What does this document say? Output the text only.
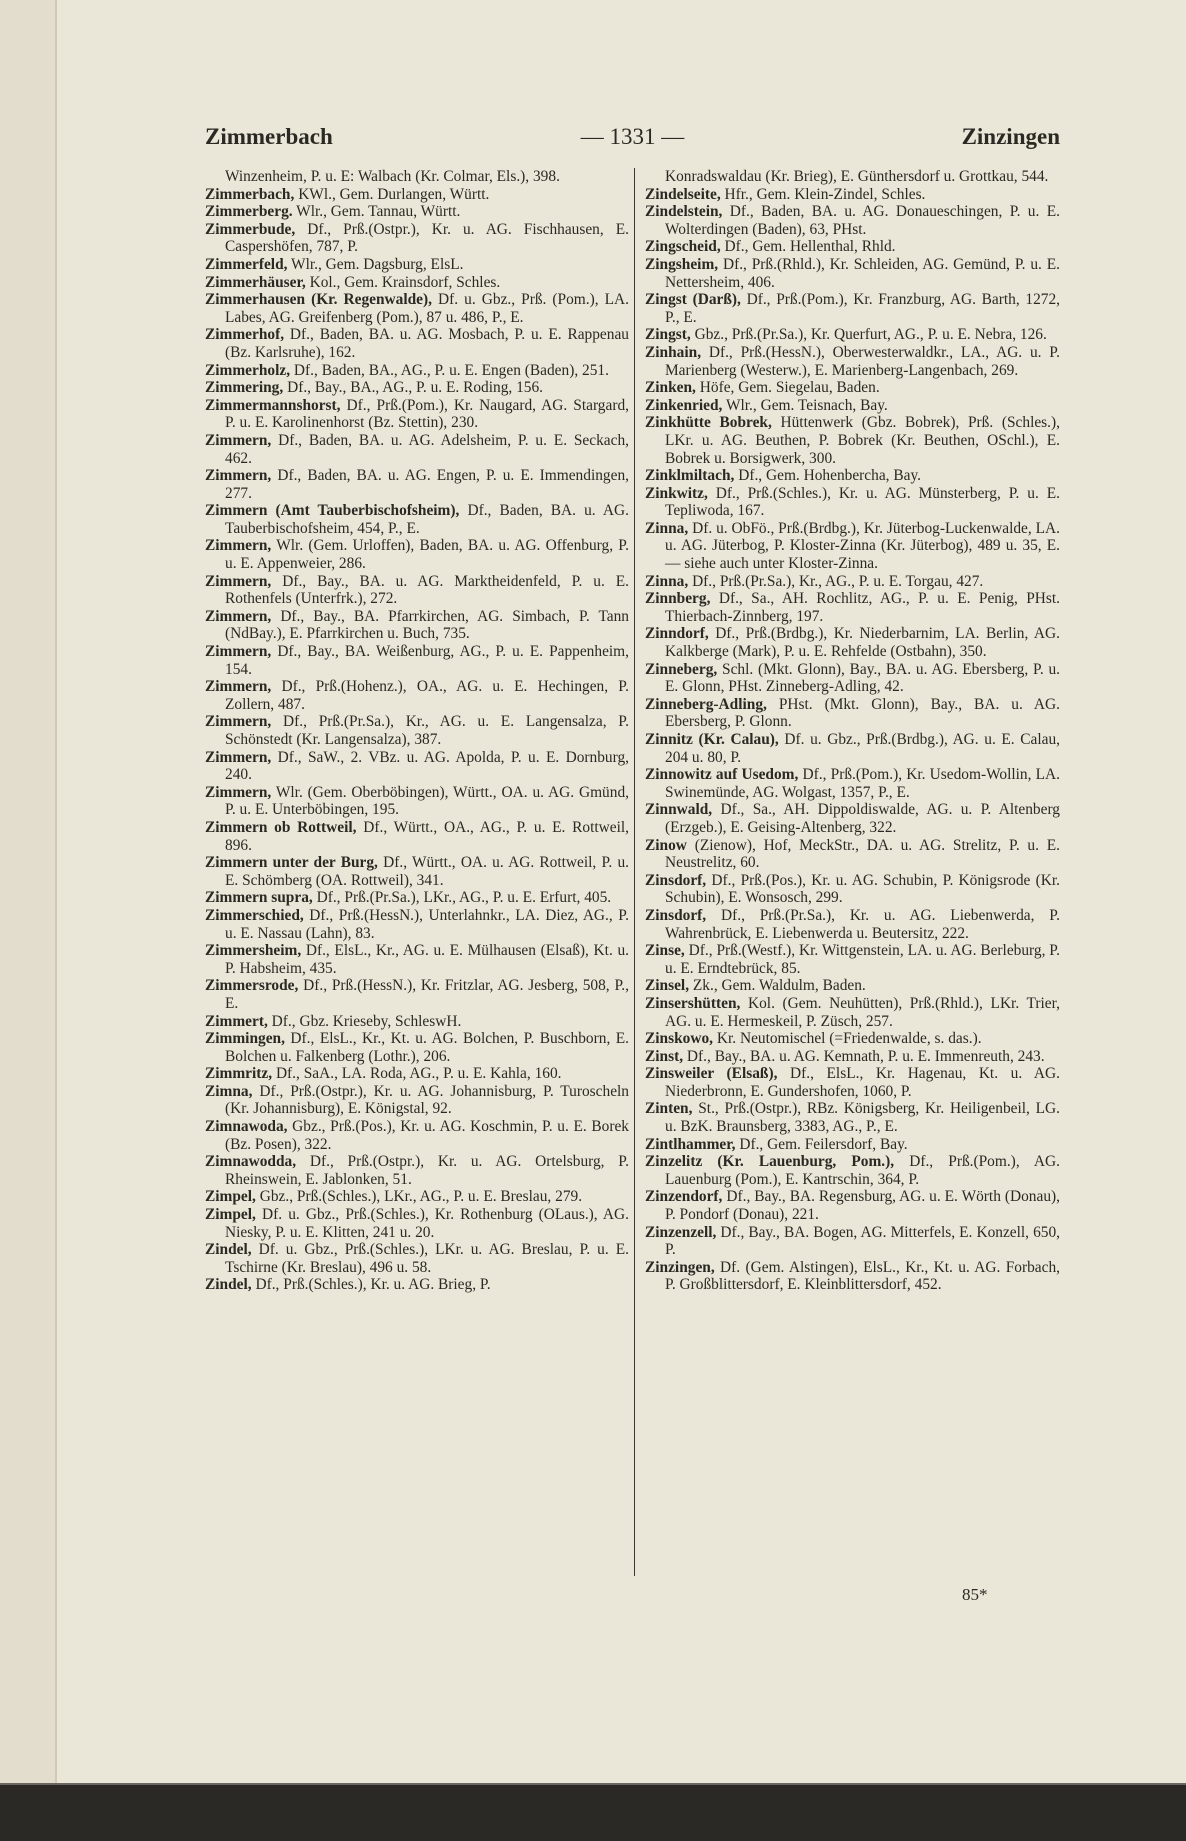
Zimmerbach	— 1331 —	Zinzingen

Winzenheim, P. u. E: Walbach (Kr. Colmar, Els.), 398.

Zimmerbach, KWl., Gem. Durlangen, Württ.

Zimmerberg. Wlr., Gem. Tannau, Württ.

Zimmerbude, Df., Prß.(Ostpr.), Kr. u. AG. Fischhausen, E. Caspershöfen, 787, P.

Zimmerfeld, Wlr., Gem. Dagsburg, ElsL.

Zimmerhäuser, Kol., Gem. Krainsdorf, Schles.

Zimmerhausen (Kr. Regenwalde), Df. u. Gbz., Prß. (Pom.), LA. Labes, AG. Greifenberg (Pom.), 87 u. 486, P., E.

Zimmerhof, Df., Baden, BA. u. AG. Mosbach, P. u. E. Rappenau (Bz. Karlsruhe), 162.

Zimmerholz, Df., Baden, BA., AG., P. u. E. Engen (Baden), 251.

Zimmering, Df., Bay., BA., AG., P. u. E. Roding, 156.

Zimmermannshorst, Df., Prß.(Pom.), Kr. Naugard, AG. Stargard, P. u. E. Karolinenhorst (Bz. Stettin), 230.

Zimmern, Df., Baden, BA. u. AG. Adelsheim, P. u. E. Seckach, 462.

Zimmern, Df., Baden, BA. u. AG. Engen, P. u. E. Immendingen, 277.

Zimmern (Amt Tauberbischofsheim), Df., Baden, BA. u. AG. Tauberbischofsheim, 454, P., E.

Zimmern, Wlr. (Gem. Urloffen), Baden, BA. u. AG. Offenburg, P. u. E. Appenweier, 286.

Zimmern, Df., Bay., BA. u. AG. Marktheidenfeld, P. u. E. Rothenfels (Unterfrk.), 272.

Zimmern, Df., Bay., BA. Pfarrkirchen, AG. Simbach, P. Tann (NdBay.), E. Pfarrkirchen u. Buch, 735.

Zimmern, Df., Bay., BA. Weißenburg, AG., P. u. E. Pappenheim, 154.

Zimmern, Df., Prß.(Hohenz.), OA., AG. u. E. Hechingen, P. Zollern, 487.

Zimmern, Df., Prß.(Pr.Sa.), Kr., AG. u. E. Langensalza, P. Schönstedt (Kr. Langensalza), 387.

Zimmern, Df., SaW., 2. VBz. u. AG. Apolda, P. u. E. Dornburg, 240.

Zimmern, Wlr. (Gem. Oberböbingen), Württ., OA. u. AG. Gmünd, P. u. E. Unterböbingen, 195.

Zimmern ob Rottweil, Df., Württ., OA., AG., P. u. E. Rottweil, 896.

Zimmern unter der Burg, Df., Württ., OA. u. AG. Rottweil, P. u. E. Schömberg (OA. Rottweil), 341.

Zimmern supra, Df., Prß.(Pr.Sa.), LKr., AG., P. u. E. Erfurt, 405.

Zimmerschied, Df., Prß.(HessN.), Unterlahnkr., LA. Diez, AG., P. u. E. Nassau (Lahn), 83.

Zimmersheim, Df., ElsL., Kr., AG. u. E. Mülhausen (Elsaß), Kt. u. P. Habsheim, 435.

Zimmersrode, Df., Prß.(HessN.), Kr. Fritzlar, AG. Jesberg, 508, P., E.

Zimmert, Df., Gbz. Krieseby, SchleswH.

Zimmingen, Df., ElsL., Kr., Kt. u. AG. Bolchen, P. Buschborn, E. Bolchen u. Falkenberg (Lothr.), 206.

Zimmritz, Df., SaA., LA. Roda, AG., P. u. E. Kahla, 160.

Zimna, Df., Prß.(Ostpr.), Kr. u. AG. Johannisburg, P. Turoscheln (Kr. Johannisburg), E. Königstal, 92.

Zimnawoda, Gbz., Prß.(Pos.), Kr. u. AG. Koschmin, P. u. E. Borek (Bz. Posen), 322.

Zimnawodda, Df., Prß.(Ostpr.), Kr. u. AG. Ortelsburg, P. Rheinswein, E. Jablonken, 51.

Zimpel, Gbz., Prß.(Schles.), LKr., AG., P. u. E. Breslau, 279.

Zimpel, Df. u. Gbz., Prß.(Schles.), Kr. Rothenburg (OLaus.), AG. Niesky, P. u. E. Klitten, 241 u. 20.

Zindel, Df. u. Gbz., Prß.(Schles.), LKr. u. AG. Breslau, P. u. E. Tschirne (Kr. Breslau), 496 u. 58.

Zindel, Df., Prß.(Schles.), Kr. u. AG. Brieg, P.

Konradswaldau (Kr. Brieg), E. Günthersdorf u. Grottkau, 544.

Zindelseite, Hfr., Gem. Klein-Zindel, Schles.

Zindelstein, Df., Baden, BA. u. AG. Donaueschingen, P. u. E. Wolterdingen (Baden), 63, PHst.

Zingscheid, Df., Gem. Hellenthal, Rhld.

Zingsheim, Df., Prß.(Rhld.), Kr. Schleiden, AG. Gemünd, P. u. E. Nettersheim, 406.

Zingst (Darß), Df., Prß.(Pom.), Kr. Franzburg, AG. Barth, 1272, P., E.

Zingst, Gbz., Prß.(Pr.Sa.), Kr. Querfurt, AG., P. u. E. Nebra, 126.

Zinhain, Df., Prß.(HessN.), Oberwesterwaldkr., LA., AG. u. P. Marienberg (Westerw.), E. Marienberg-Langenbach, 269.

Zinken, Höfe, Gem. Siegelau, Baden.

Zinkenried, Wlr., Gem. Teisnach, Bay.

Zinkhütte Bobrek, Hüttenwerk (Gbz. Bobrek), Prß. (Schles.), LKr. u. AG. Beuthen, P. Bobrek (Kr. Beuthen, OSchl.), E. Bobrek u. Borsigwerk, 300.

Zinklmiltach, Df., Gem. Hohenbercha, Bay.

Zinkwitz, Df., Prß.(Schles.), Kr. u. AG. Münsterberg, P. u. E. Tepliwoda, 167.

Zinna, Df. u. ObFö., Prß.(Brdbg.), Kr. Jüterbog-Luckenwalde, LA. u. AG. Jüterbog, P. Kloster-Zinna (Kr. Jüterbog), 489 u. 35, E. — siehe auch unter Kloster-Zinna.

Zinna, Df., Prß.(Pr.Sa.), Kr., AG., P. u. E. Torgau, 427.

Zinnberg, Df., Sa., AH. Rochlitz, AG., P. u. E. Penig, PHst. Thierbach-Zinnberg, 197.

Zinndorf, Df., Prß.(Brdbg.), Kr. Niederbarnim, LA. Berlin, AG. Kalkberge (Mark), P. u. E. Rehfelde (Ostbahn), 350.

Zinneberg, Schl. (Mkt. Glonn), Bay., BA. u. AG. Ebersberg, P. u. E. Glonn, PHst. Zinneberg-Adling, 42.

Zinneberg-Adling, PHst. (Mkt. Glonn), Bay., BA. u. AG. Ebersberg, P. Glonn.

Zinnitz (Kr. Calau), Df. u. Gbz., Prß.(Brdbg.), AG. u. E. Calau, 204 u. 80, P.

Zinnowitz auf Usedom, Df., Prß.(Pom.), Kr. Usedom-Wollin, LA. Swinemünde, AG. Wolgast, 1357, P., E.

Zinnwald, Df., Sa., AH. Dippoldiswalde, AG. u. P. Altenberg (Erzgeb.), E. Geising-Altenberg, 322.

Zinow (Zienow), Hof, MeckStr., DA. u. AG. Strelitz, P. u. E. Neustrelitz, 60.

Zinsdorf, Df., Prß.(Pos.), Kr. u. AG. Schubin, P. Königsrode (Kr. Schubin), E. Wonsosch, 299.

Zinsdorf, Df., Prß.(Pr.Sa.), Kr. u. AG. Liebenwerda, P. Wahrenbrück, E. Liebenwerda u. Beutersitz, 222.

Zinse, Df., Prß.(Westf.), Kr. Wittgenstein, LA. u. AG. Berleburg, P. u. E. Erndtebrück, 85.

Zinsel, Zk., Gem. Waldulm, Baden.

Zinsershütten, Kol. (Gem. Neuhütten), Prß.(Rhld.), LKr. Trier, AG. u. E. Hermeskeil, P. Züsch, 257.

Zinskowo, Kr. Neutomischel (=Friedenwalde, s. das.).

Zinst, Df., Bay., BA. u. AG. Kemnath, P. u. E. Immenreuth, 243.

Zinsweiler (Elsaß), Df., ElsL., Kr. Hagenau, Kt. u. AG. Niederbronn, E. Gundershofen, 1060, P.

Zinten, St., Prß.(Ostpr.), RBz. Königsberg, Kr. Heiligenbeil, LG. u. BzK. Braunsberg, 3383, AG., P., E.

Zintlhammer, Df., Gem. Feilersdorf, Bay.

Zinzelitz (Kr. Lauenburg, Pom.), Df., Prß.(Pom.), AG. Lauenburg (Pom.), E. Kantrschin, 364, P.

Zinzendorf, Df., Bay., BA. Regensburg, AG. u. E. Wörth (Donau), P. Pondorf (Donau), 221.

Zinzenzell, Df., Bay., BA. Bogen, AG. Mitterfels, E. Konzell, 650, P.

Zinzingen, Df. (Gem. Alstingen), ElsL., Kr., Kt. u. AG. Forbach, P. Großblittersdorf, E. Kleinblittersdorf, 452.

85*
